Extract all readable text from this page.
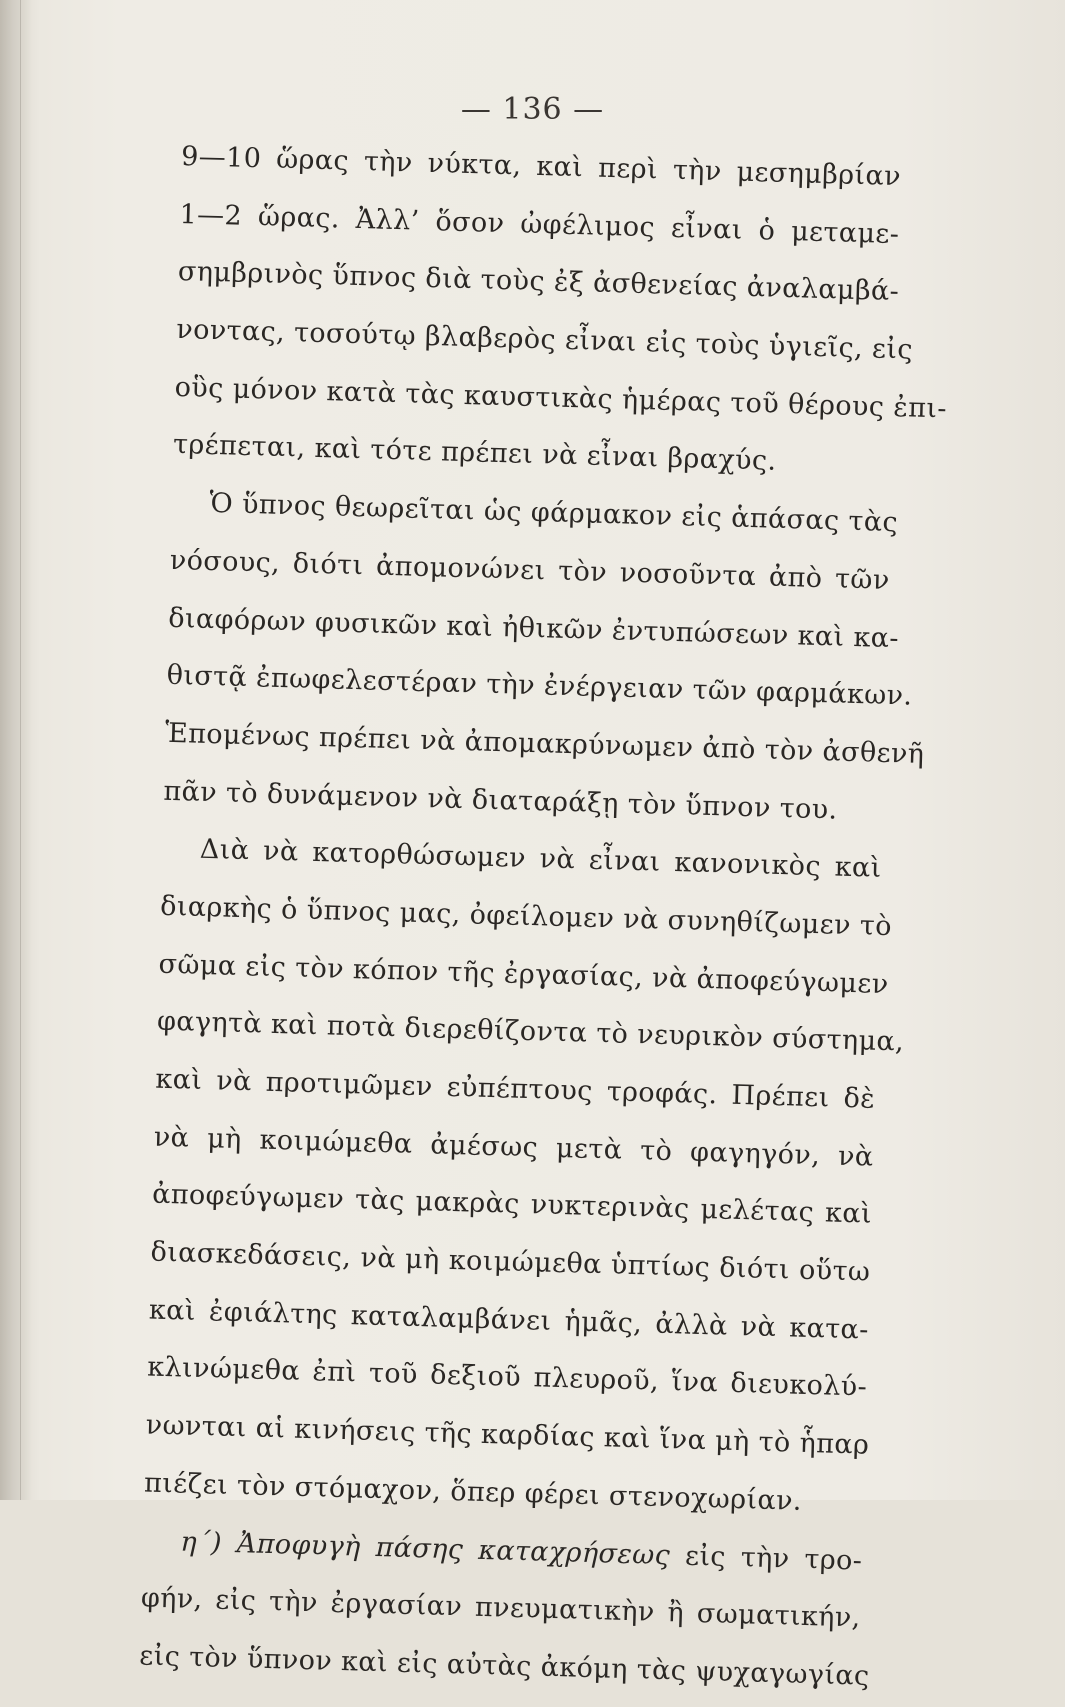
— 136 —
9—10 ὥρας τὴν νύκτα, καὶ περὶ τὴν μεσημβρίαν
1—2 ὥρας. Ἀλλ’ ὅσον ὠφέλιμος εἶναι ὁ μεταμε-
σημβρινὸς ὕπνος διὰ τοὺς ἐξ ἀσθενείας ἀναλαμβά-
νοντας, τοσούτῳ βλαβερὸς εἶναι εἰς τοὺς ὑγιεῖς, εἰς
οὓς μόνον κατὰ τὰς καυστικὰς ἡμέρας τοῦ θέρους ἐπι-
τρέπεται, καὶ τότε πρέπει νὰ εἶναι βραχύς.
Ὁ ὕπνος θεωρεῖται ὡς φάρμακον εἰς ἁπάσας τὰς
νόσους, διότι ἀπομονώνει τὸν νοσοῦντα ἀπὸ τῶν
διαφόρων φυσικῶν καὶ ἠθικῶν ἐντυπώσεων καὶ κα-
θιστᾷ ἐπωφελεστέραν τὴν ἐνέργειαν τῶν φαρμάκων.
Ἑπομένως πρέπει νὰ ἀπομακρύνωμεν ἀπὸ τὸν ἀσθενῆ
πᾶν τὸ δυνάμενον νὰ διαταράξῃ τὸν ὕπνον του.
Διὰ νὰ κατορθώσωμεν νὰ εἶναι κανονικὸς καὶ
διαρκὴς ὁ ὕπνος μας, ὀφείλομεν νὰ συνηθίζωμεν τὸ
σῶμα εἰς τὸν κόπον τῆς ἐργασίας, νὰ ἀποφεύγωμεν
φαγητὰ καὶ ποτὰ διερεθίζοντα τὸ νευρικὸν σύστημα,
καὶ νὰ προτιμῶμεν εὐπέπτους τροφάς. Πρέπει δὲ
νὰ μὴ κοιμώμεθα ἀμέσως μετὰ τὸ φαγηγόν, νὰ
ἀποφεύγωμεν τὰς μακρὰς νυκτερινὰς μελέτας καὶ
διασκεδάσεις, νὰ μὴ κοιμώμεθα ὑπτίως διότι οὕτω
καὶ ἐφιάλτης καταλαμβάνει ἡμᾶς, ἀλλὰ νὰ κατα-
κλινώμεθα ἐπὶ τοῦ δεξιοῦ πλευροῦ, ἵνα διευκολύ-
νωνται αἱ κινήσεις τῆς καρδίας καὶ ἵνα μὴ τὸ ἧπαρ
πιέζει τὸν στόμαχον, ὅπερ φέρει στενοχωρίαν.
η´) Ἀποφυγὴ πάσης καταχρήσεως εἰς τὴν τρο-
φήν, εἰς τὴν ἐργασίαν πνευματικὴν ἢ σωματικήν,
εἰς τὸν ὕπνον καὶ εἰς αὐτὰς ἀκόμη τὰς ψυχαγωγίας
